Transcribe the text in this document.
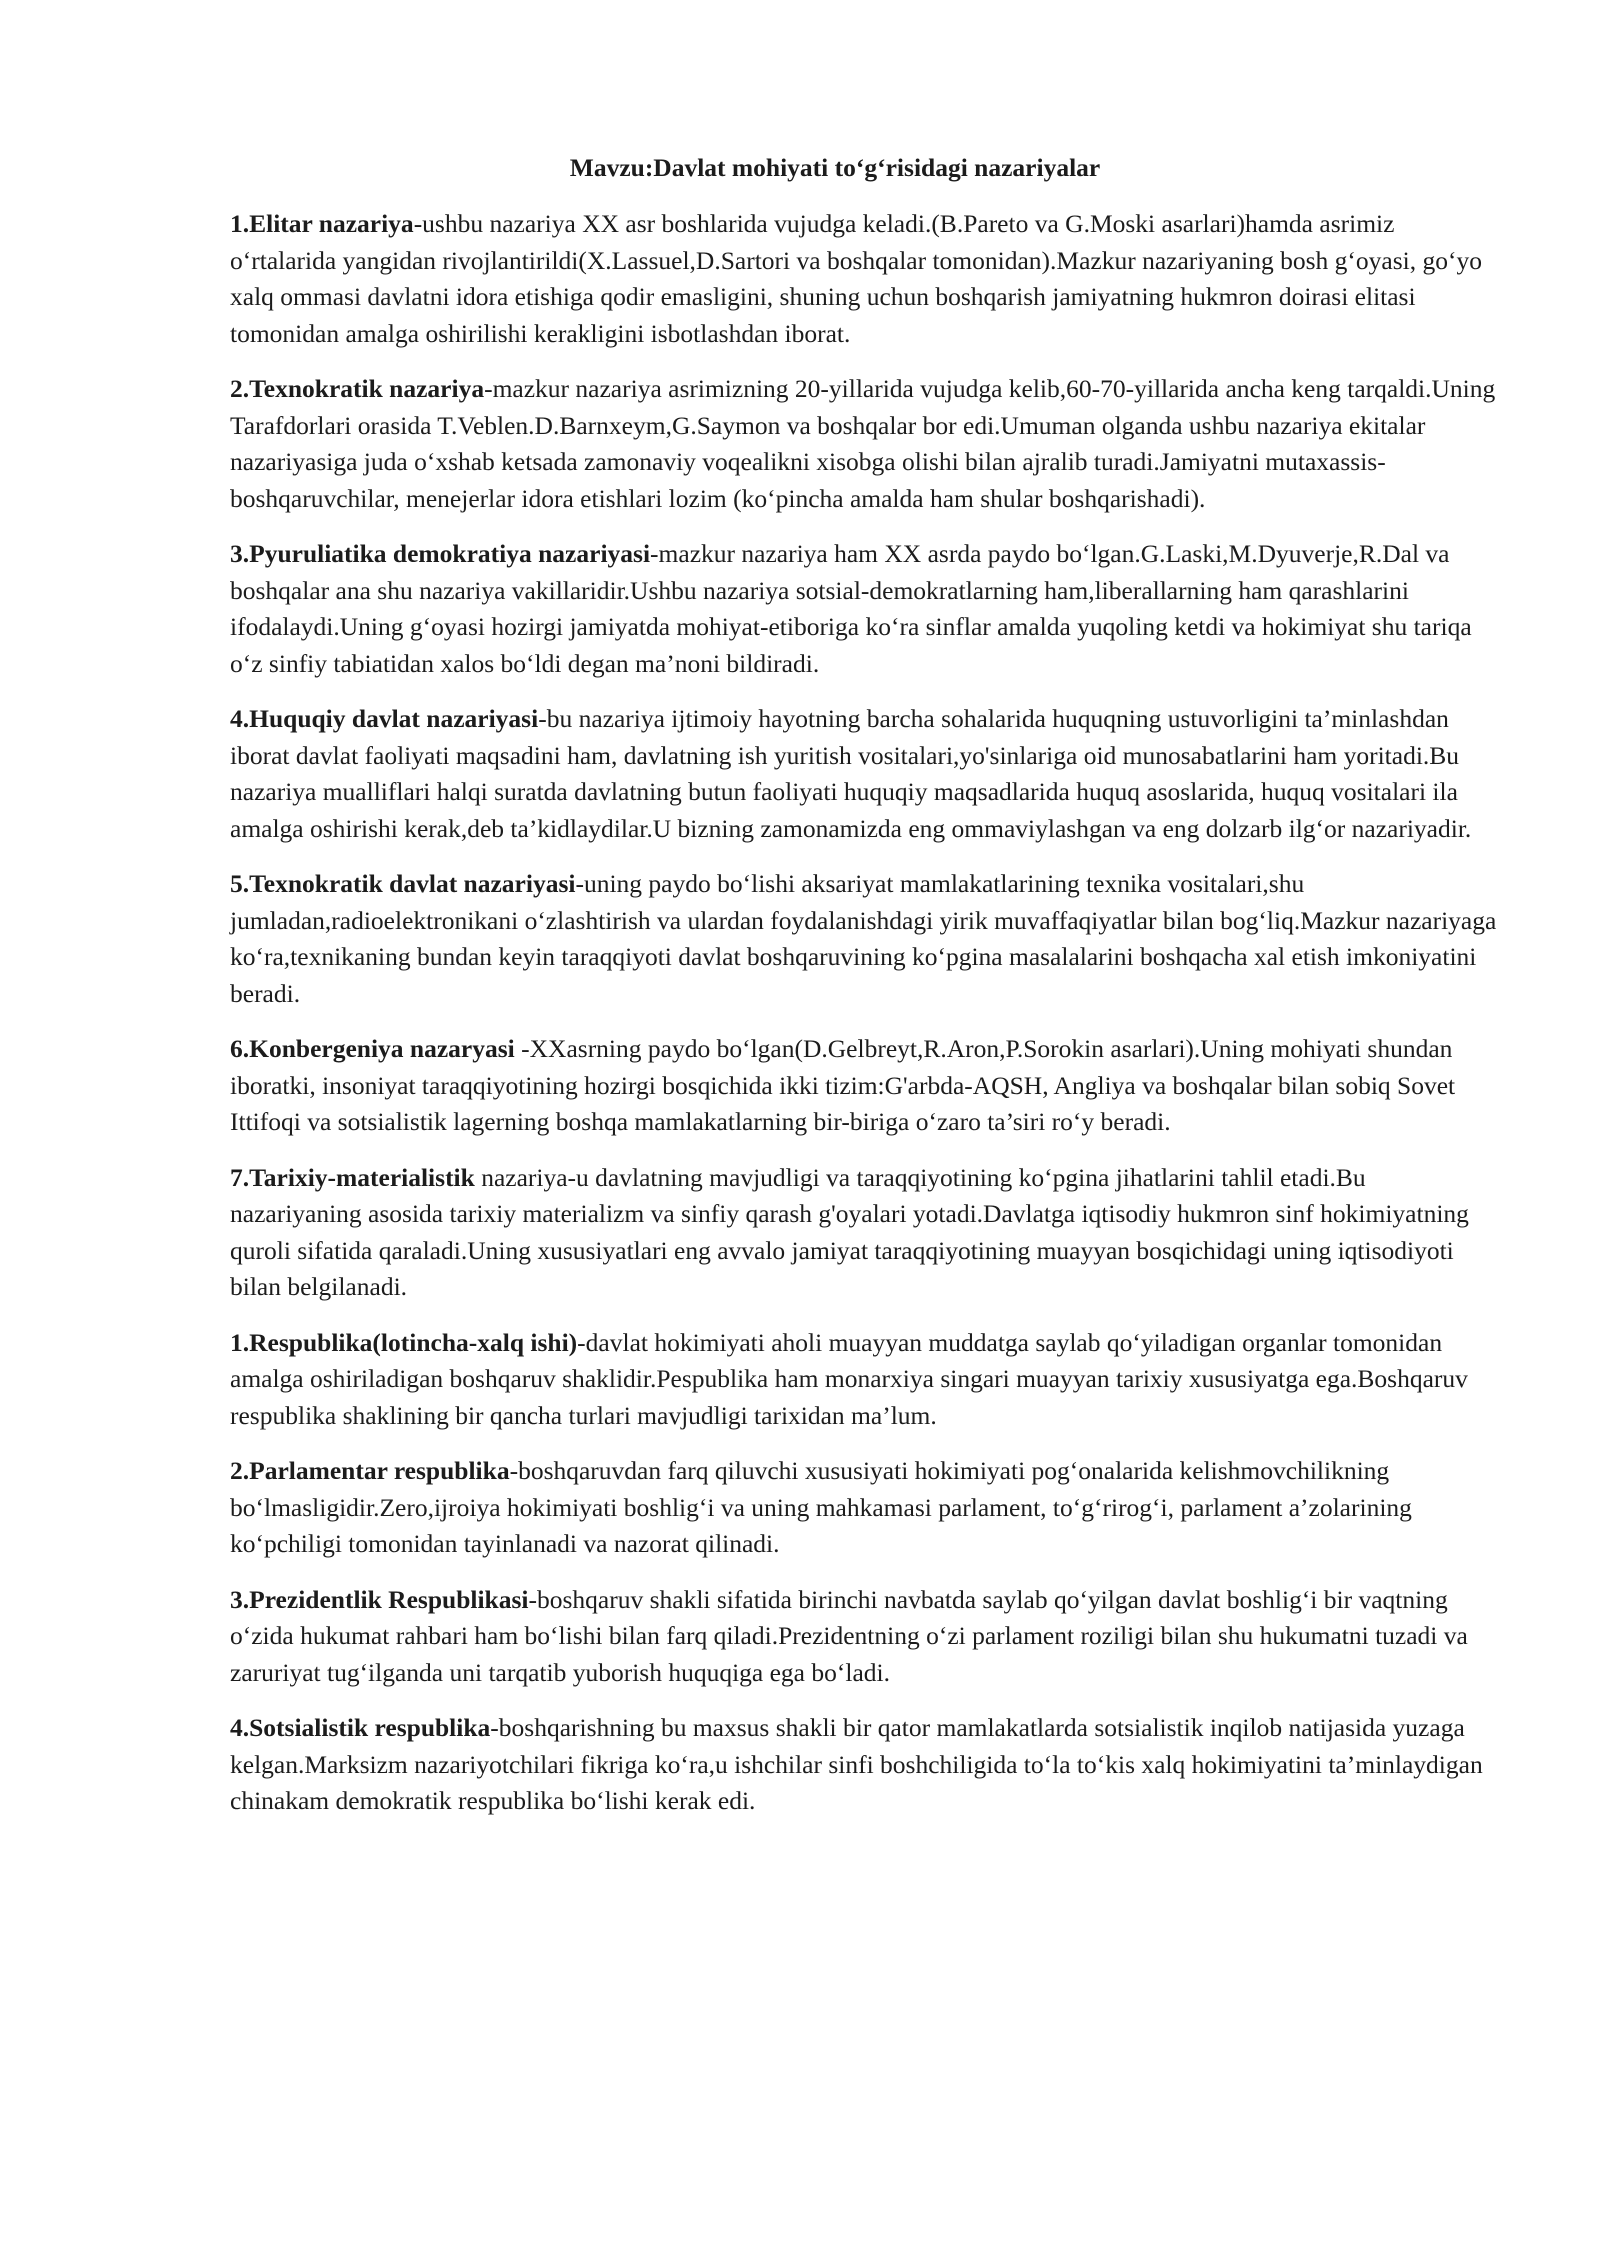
Mavzu:Davlat mohiyati to‘g‘risidagi nazariyalar

1.Elitar nazariya-ushbu nazariya XX asr boshlarida vujudga keladi.(B.Pareto va G.Moski asarlari)hamda asrimiz o‘rtalarida yangidan rivojlantirildi(X.Lassuel,D.Sartori va boshqalar tomonidan).Mazkur nazariyaning bosh g‘oyasi, go‘yo xalq ommasi davlatni idora etishiga qodir emasligini, shuning uchun boshqarish jamiyatning hukmron doirasi elitasi tomonidan amalga oshirilishi kerakligini isbotlashdan iborat.

2.Texnokratik nazariya-mazkur nazariya asrimizning 20-yillarida vujudga kelib,60-70-yillarida ancha keng tarqaldi.Uning Tarafdorlari orasida T.Veblen.D.Barnxeym,G.Saymon va boshqalar bor edi.Umuman olganda ushbu nazariya ekitalar nazariyasiga juda o‘xshab ketsada zamonaviy voqealikni xisobga olishi bilan ajralib turadi.Jamiyatni mutaxassis-boshqaruvchilar, menejerlar idora etishlari lozim (ko‘pincha amalda ham shular boshqarishadi).

3.Pyuruliatika demokratiya nazariyasi-mazkur nazariya ham XX asrda paydo bo‘lgan.G.Laski,M.Dyuverje,R.Dal va boshqalar ana shu nazariya vakillaridir.Ushbu nazariya sotsial-demokratlarning ham,liberallarning ham qarashlarini ifodalaydi.Uning g‘oyasi hozirgi jamiyatda mohiyat-etiboriga ko‘ra sinflar amalda yuqoling ketdi va hokimiyat shu tariqa o‘z sinfiy tabiatidan xalos bo‘ldi degan ma’noni bildiradi.

4.Huquqiy davlat nazariyasi-bu nazariya ijtimoiy hayotning barcha sohalarida huquqning ustuvorligini ta’minlashdan iborat davlat faoliyati maqsadini ham, davlatning ish yuritish vositalari,yo'sinlariga oid munosabatlarini ham yoritadi.Bu nazariya mualliflari halqi suratda davlatning butun faoliyati huquqiy maqsadlarida huquq asoslarida, huquq vositalari ila amalga oshirishi kerak,deb ta’kidlaydilar.U bizning zamonamizda eng ommaviylashgan va eng dolzarb ilg‘or nazariyadir.

5.Texnokratik davlat nazariyasi-uning paydo bo‘lishi aksariyat mamlakatlarining texnika vositalari,shu jumladan,radioelektronikani o‘zlashtirish va ulardan foydalanishdagi yirik muvaffaqiyatlar bilan bog‘liq.Mazkur nazariyaga ko‘ra,texnikaning bundan keyin taraqqiyoti davlat boshqaruvining ko‘pgina masalalarini boshqacha xal etish imkoniyatini beradi.

6.Konbergeniya nazaryasi -XXasrning paydo bo‘lgan(D.Gelbreyt,R.Aron,P.Sorokin asarlari).Uning mohiyati shundan iboratki, insoniyat taraqqiyotining hozirgi bosqichida ikki tizim:G'arbda-AQSH, Angliya va boshqalar bilan sobiq Sovet Ittifoqi va sotsialistik lagerning boshqa mamlakatlarning bir-biriga o‘zaro ta’siri ro‘y beradi.

7.Tarixiy-materialistik nazariya-u davlatning mavjudligi va taraqqiyotining ko‘pgina jihatlarini tahlil etadi.Bu nazariyaning asosida tarixiy materializm va sinfiy qarash g'oyalari yotadi.Davlatga iqtisodiy hukmron sinf hokimiyatning quroli sifatida qaraladi.Uning xususiyatlari eng avvalo jamiyat taraqqiyotining muayyan bosqichidagi uning iqtisodiyoti bilan belgilanadi.

1.Respublika(lotincha-xalq ishi)-davlat hokimiyati aholi muayyan muddatga saylab qo‘yiladigan organlar tomonidan amalga oshiriladigan boshqaruv shaklidir.Pespublika ham monarxiya singari muayyan tarixiy xususiyatga ega.Boshqaruv respublika shaklining bir qancha turlari mavjudligi tarixidan ma’lum.

2.Parlamentar respublika-boshqaruvdan farq qiluvchi xususiyati hokimiyati pog‘onalarida kelishmovchilikning bo‘lmasligidir.Zero,ijroiya hokimiyati boshlig‘i va uning mahkamasi parlament, to‘g‘rirog‘i, parlament a’zolarining ko‘pchiligi tomonidan tayinlanadi va nazorat qilinadi.

3.Prezidentlik Respublikasi-boshqaruv shakli sifatida birinchi navbatda saylab qo‘yilgan davlat boshlig‘i bir vaqtning o‘zida hukumat rahbari ham bo‘lishi bilan farq qiladi.Prezidentning o‘zi parlament roziligi bilan shu hukumatni tuzadi va zaruriyat tug‘ilganda uni tarqatib yuborish huquqiga ega bo‘ladi.

4.Sotsialistik respublika-boshqarishning bu maxsus shakli bir qator mamlakatlarda sotsialistik inqilob natijasida yuzaga kelgan.Marksizm nazariyotchilari fikriga ko‘ra,u ishchilar sinfi boshchiligida to‘la to‘kis xalq hokimiyatini ta’minlaydigan chinakam demokratik respublika bo‘lishi kerak edi.
